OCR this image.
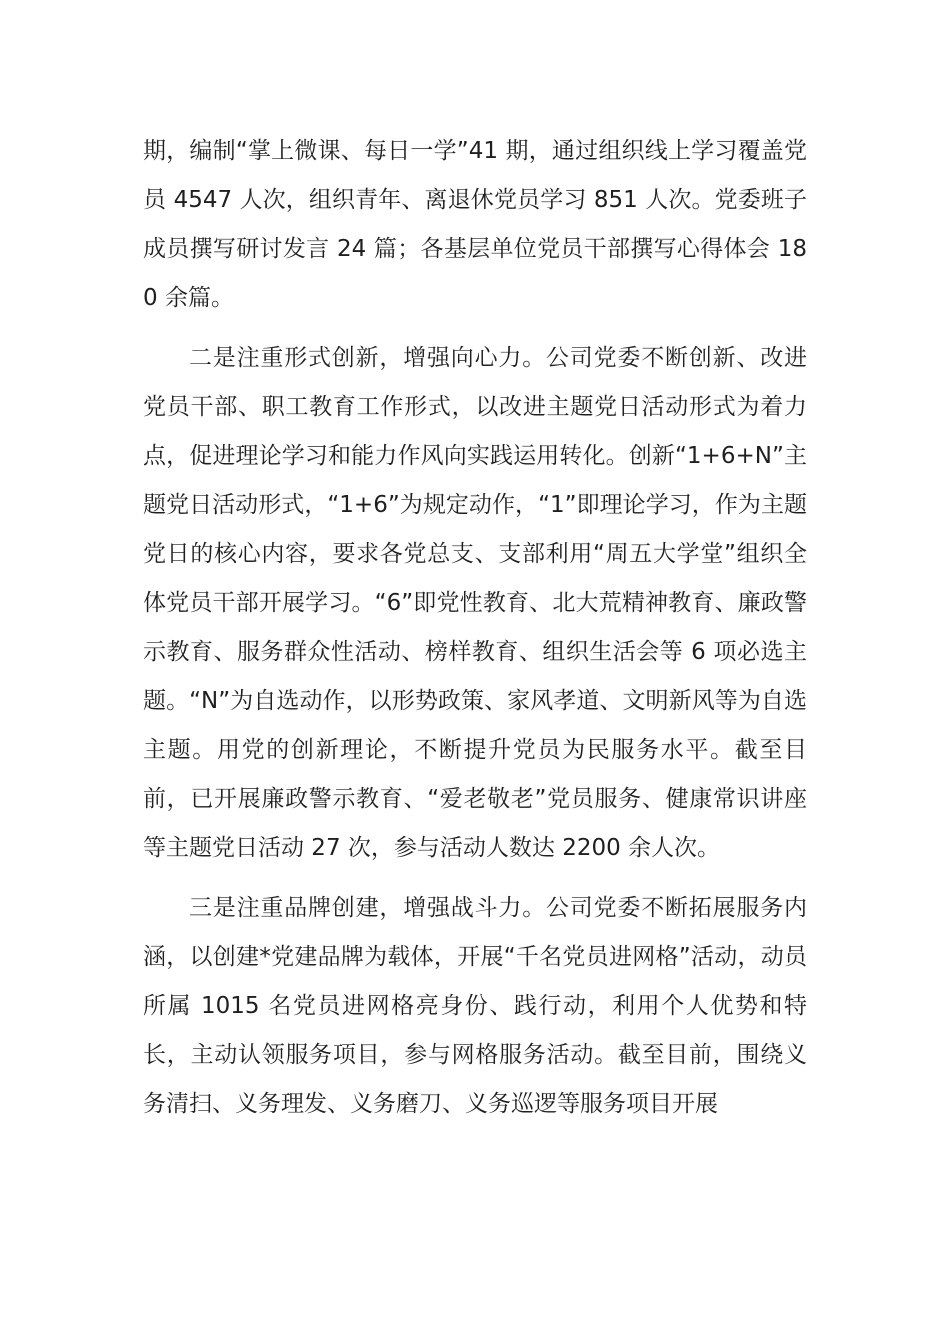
期，编制“掌上微课、每日一学”41 期，通过组织线上学习覆盖党员 4547 人次，组织青年、离退休党员学习 851 人次。党委班子成员撰写研讨发言 24 篇；各基层单位党员干部撰写心得体会 180 余篇。

二是注重形式创新，增强向心力。公司党委不断创新、改进党员干部、职工教育工作形式，以改进主题党日活动形式为着力点，促进理论学习和能力作风向实践运用转化。创新“1+6+N”主题党日活动形式，“1+6”为规定动作，“1”即理论学习，作为主题党日的核心内容，要求各党总支、支部利用“周五大学堂”组织全体党员干部开展学习。“6”即党性教育、北大荒精神教育、廉政警示教育、服务群众性活动、榜样教育、组织生活会等 6 项必选主题。“N”为自选动作，以形势政策、家风孝道、文明新风等为自选主题。用党的创新理论，不断提升党员为民服务水平。截至目前，已开展廉政警示教育、“爱老敬老”党员服务、健康常识讲座等主题党日活动 27 次，参与活动人数达 2200 余人次。

三是注重品牌创建，增强战斗力。公司党委不断拓展服务内涵，以创建*党建品牌为载体，开展“千名党员进网格”活动，动员所属 1015 名党员进网格亮身份、践行动，利用个人优势和特长，主动认领服务项目，参与网格服务活动。截至目前，围绕义务清扫、义务理发、义务磨刀、义务巡逻等服务项目开展
